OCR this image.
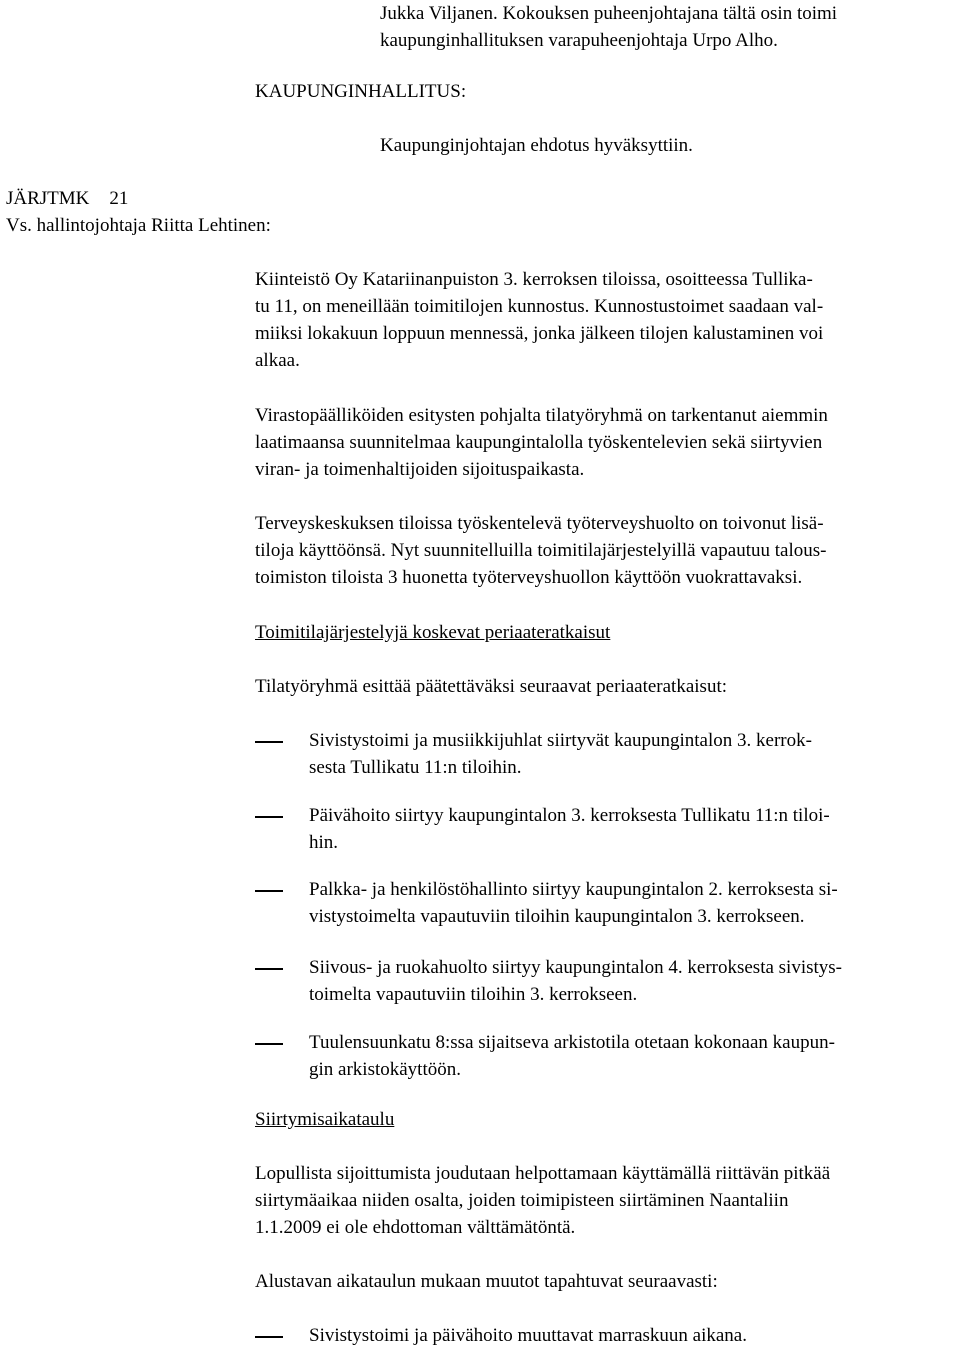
Jukka Viljanen. Kokouksen puheenjohtajana tältä osin toimi
kaupunginhallituksen varapuheenjohtaja Urpo Alho.
KAUPUNGINHALLITUS:
Kaupunginjohtajan ehdotus hyväksyttiin.
JÄRJTMK 21
Vs. hallintojohtaja Riitta Lehtinen:
Kiinteistö Oy Katariinanpuiston 3. kerroksen tiloissa, osoitteessa Tullika-
tu 11, on meneillään toimitilojen kunnostus. Kunnostustoimet saadaan val-
miiksi lokakuun loppuun mennessä, jonka jälkeen tilojen kalustaminen voi
alkaa.
Virastopäälliköiden esitysten pohjalta tilatyöryhmä on tarkentanut aiemmin
laatimaansa suunnitelmaa kaupungintalolla työskentelevien sekä siirtyvien
viran- ja toimenhaltijoiden sijoituspaikasta.
Terveyskeskuksen tiloissa työskentelevä työterveyshuolto on toivonut lisä-
tiloja käyttöönsä. Nyt suunnitelluilla toimitilajärjestelyillä vapautuu talous-
toimiston tiloista 3 huonetta työterveyshuollon käyttöön vuokrattavaksi.
Toimitilajärjestelyjä koskevat periaateratkaisut
Tilatyöryhmä esittää päätettäväksi seuraavat periaateratkaisut:
Sivistystoimi ja musiikkijuhlat siirtyvät kaupungintalon 3. kerrok-
sesta Tullikatu 11:n tiloihin.
Päivähoito siirtyy kaupungintalon 3. kerroksesta Tullikatu 11:n tiloi-
hin.
Palkka- ja henkilöstöhallinto siirtyy kaupungintalon 2. kerroksesta si-
vistystoimelta vapautuviin tiloihin kaupungintalon 3. kerrokseen.
Siivous- ja ruokahuolto siirtyy kaupungintalon 4. kerroksesta sivistys-
toimelta vapautuviin tiloihin 3. kerrokseen.
Tuulensuunkatu 8:ssa sijaitseva arkistotila otetaan kokonaan kaupun-
gin arkistokäyttöön.
Siirtymisaikataulu
Lopullista sijoittumista joudutaan helpottamaan käyttämällä riittävän pitkää
siirtymäaikaa niiden osalta, joiden toimipisteen siirtäminen Naantaliin
1.1.2009 ei ole ehdottoman välttämätöntä.
Alustavan aikataulun mukaan muutot tapahtuvat seuraavasti:
Sivistystoimi ja päivähoito muuttavat marraskuun aikana.
